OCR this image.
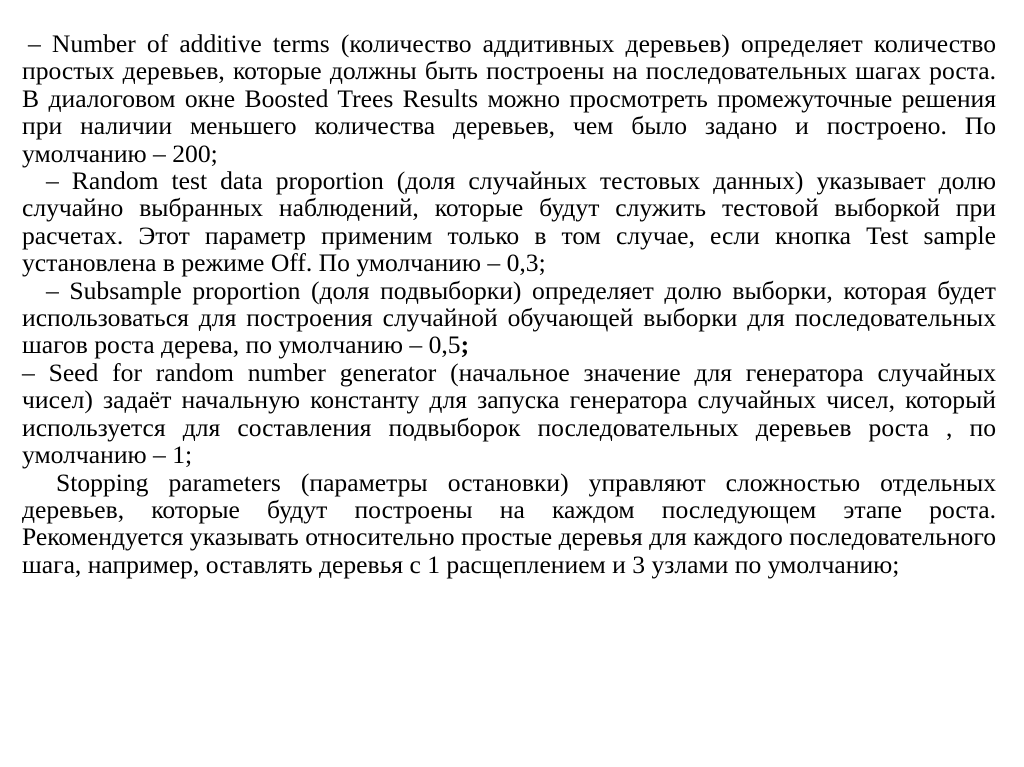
– Number of additive terms (количество аддитивных деревьев) определяет количество простых деревьев, которые должны быть построены на последовательных шагах роста. В диалоговом окне Boosted Trees Results можно просмотреть промежуточные решения при наличии меньшего количества деревьев, чем было задано и построено. По умолчанию – 200;

– Random test data proportion (доля случайных тестовых данных) указывает долю случайно выбранных наблюдений, которые будут служить тестовой выборкой при расчетах. Этот параметр применим только в том случае, если кнопка Test sample установлена в режиме Off. По умолчанию – 0,3;

– Subsample proportion (доля подвыборки) определяет долю выборки, которая будет использоваться для построения случайной обучающей выборки для последовательных шагов роста дерева, по умолчанию – 0,5;

– Seed for random number generator (начальное значение для генератора случайных чисел) задаёт начальную константу для запуска генератора случайных чисел, который используется для составления подвыборок последовательных деревьев роста , по умолчанию – 1;

Stopping parameters (параметры остановки) управляют сложностью отдельных деревьев, которые будут построены на каждом последующем этапе роста. Рекомендуется указывать относительно простые деревья для каждого последовательного шага, например, оставлять деревья с 1 расщеплением и 3 узлами по умолчанию;
